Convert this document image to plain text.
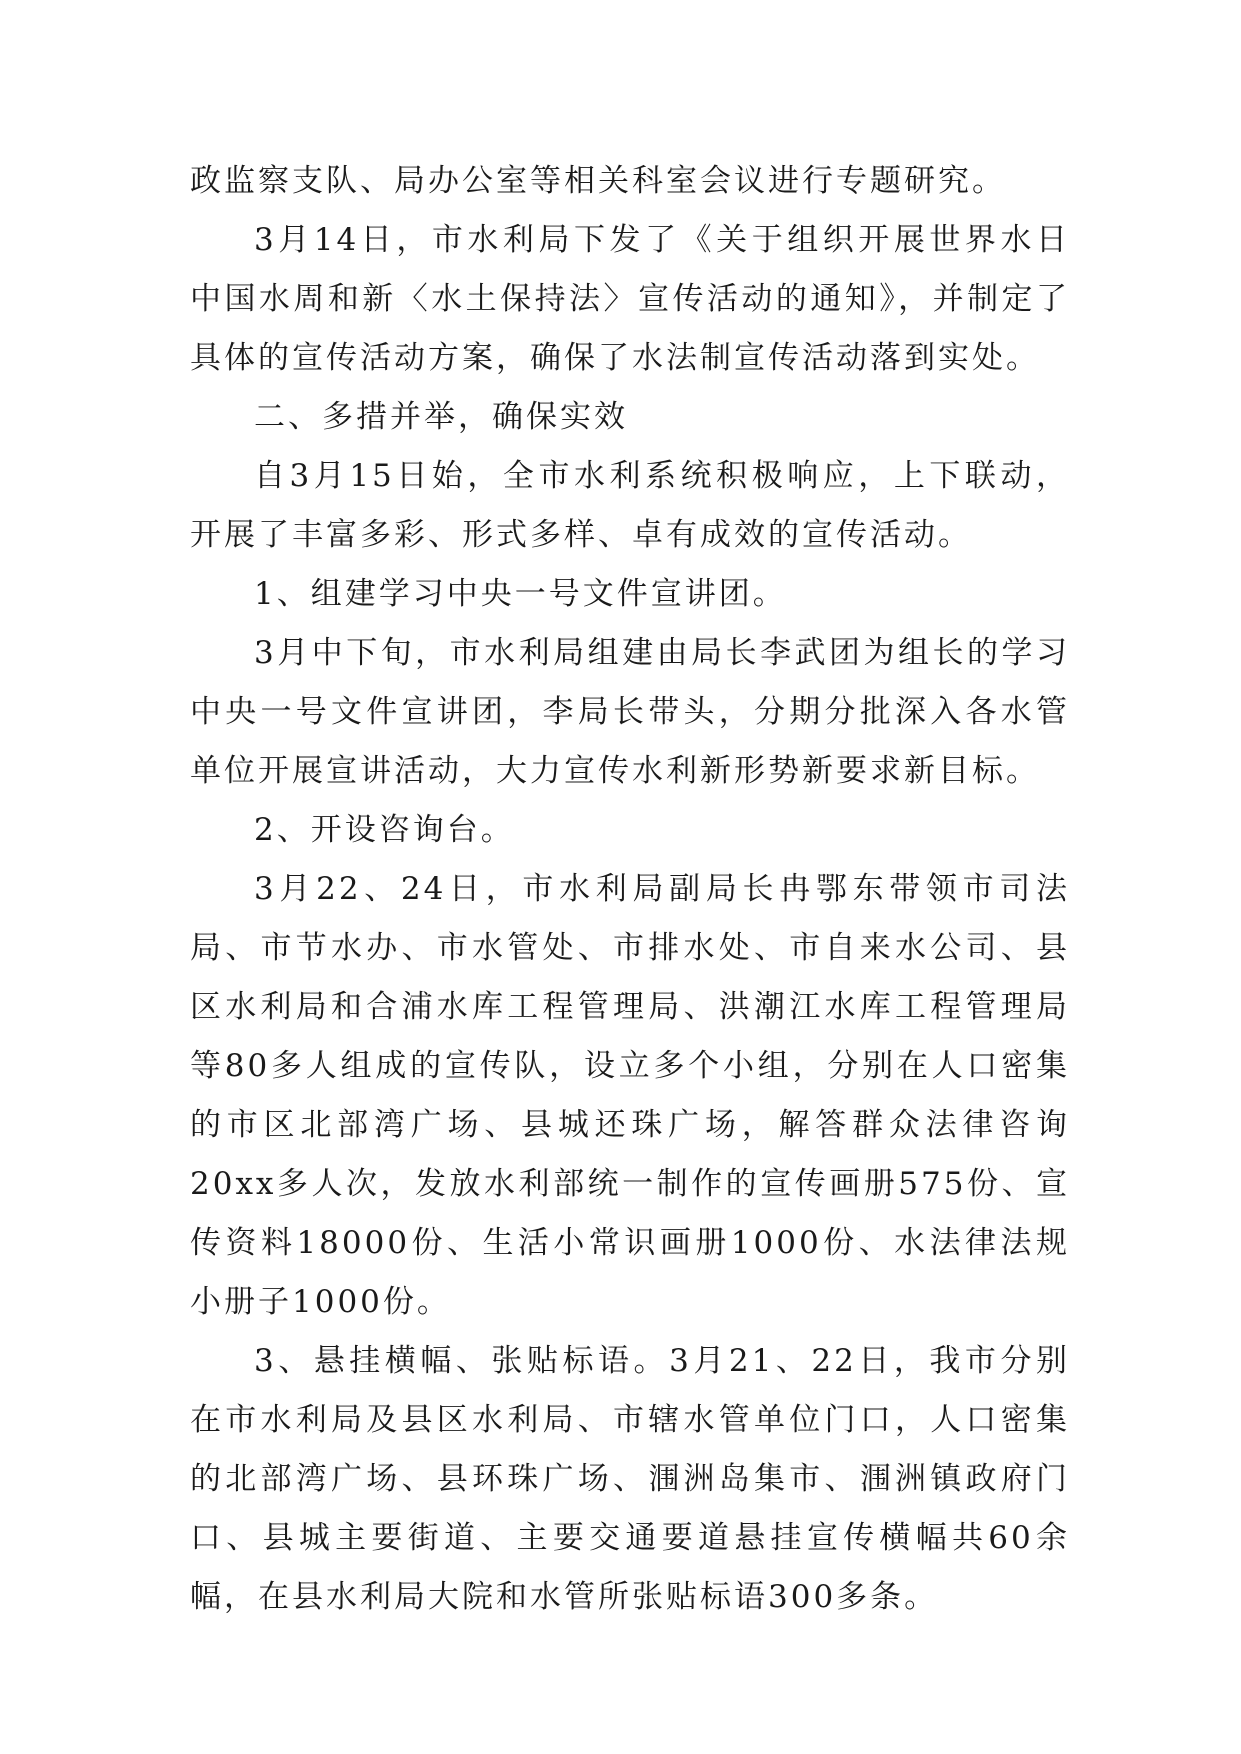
政监察支队、局办公室等相关科室会议进行专题研究。

3月14日，市水利局下发了《关于组织开展世界水日中国水周和新〈水土保持法〉宣传活动的通知》，并制定了具体的宣传活动方案，确保了水法制宣传活动落到实处。

二、多措并举，确保实效

自3月15日始，全市水利系统积极响应，上下联动，开展了丰富多彩、形式多样、卓有成效的宣传活动。

1、组建学习中央一号文件宣讲团。

3月中下旬，市水利局组建由局长李武团为组长的学习中央一号文件宣讲团，李局长带头，分期分批深入各水管单位开展宣讲活动，大力宣传水利新形势新要求新目标。

2、开设咨询台。

3月22、24日，市水利局副局长冉鄂东带领市司法局、市节水办、市水管处、市排水处、市自来水公司、县区水利局和合浦水库工程管理局、洪潮江水库工程管理局等80多人组成的宣传队，设立多个小组，分别在人口密集的市区北部湾广场、县城还珠广场，解答群众法律咨询20xx多人次，发放水利部统一制作的宣传画册575份、宣传资料18000份、生活小常识画册1000份、水法律法规小册子1000份。

3、悬挂横幅、张贴标语。3月21、22日，我市分别在市水利局及县区水利局、市辖水管单位门口，人口密集的北部湾广场、县环珠广场、涠洲岛集市、涠洲镇政府门口、县城主要街道、主要交通要道悬挂宣传横幅共60余幅，在县水利局大院和水管所张贴标语300多条。
